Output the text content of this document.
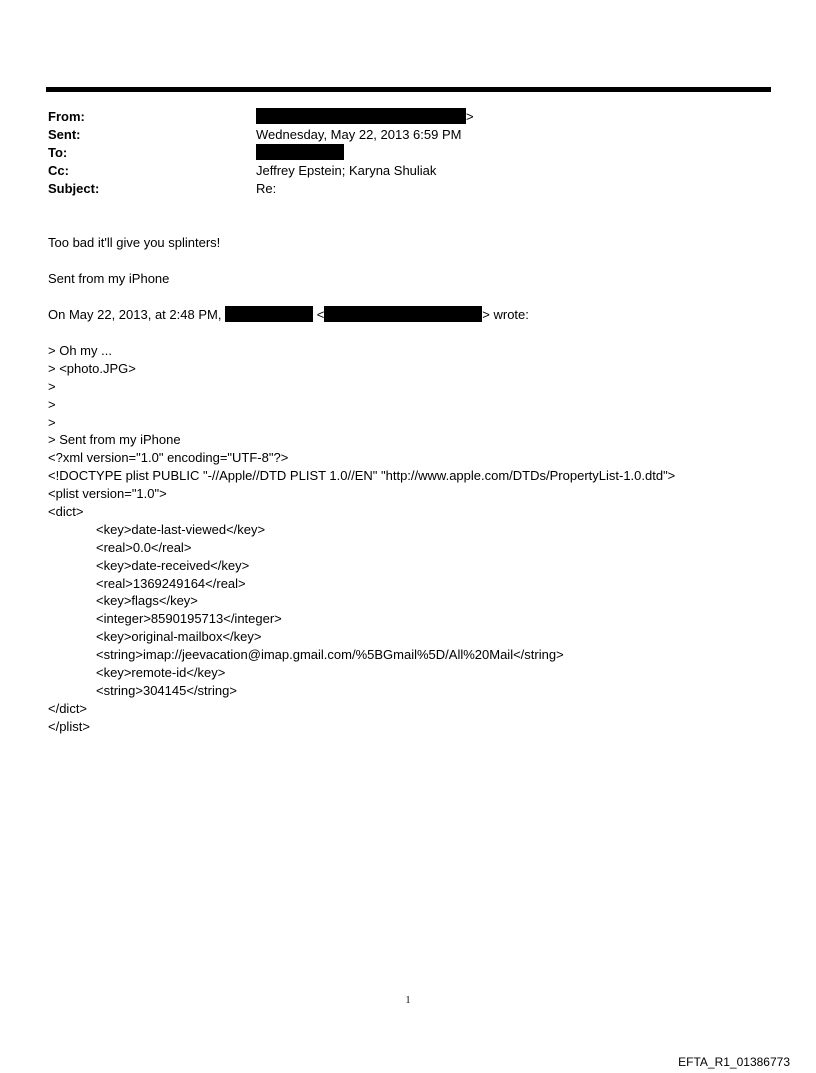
From:	>
Sent:	Wednesday, May 22, 2013 6:59 PM
To:
Cc:	Jeffrey Epstein; Karyna Shuliak
Subject:	Re:
Too bad it'll give you splinters!
Sent from my iPhone
On May 22, 2013, at 2:48 PM,	<	> wrote:
> Oh my ...
> <photo.JPG>
>
>
>
> Sent from my iPhone
<?xml version="1.0" encoding="UTF-8"?>
<!DOCTYPE plist PUBLIC "-//Apple//DTD PLIST 1.0//EN" "http://www.apple.com/DTDs/PropertyList-1.0.dtd">
<plist version="1.0">
<dict>
<key>date-last-viewed</key>
<real>0.0</real>
<key>date-received</key>
<real>1369249164</real>
<key>flags</key>
<integer>8590195713</integer>
<key>original-mailbox</key>
<string>imap://jeevacation@imap.gmail.com/%5BGmail%5D/All%20Mail</string>
<key>remote-id</key>
<string>304145</string>
</dict>
</plist>
1
EFTA_R1_01386773
